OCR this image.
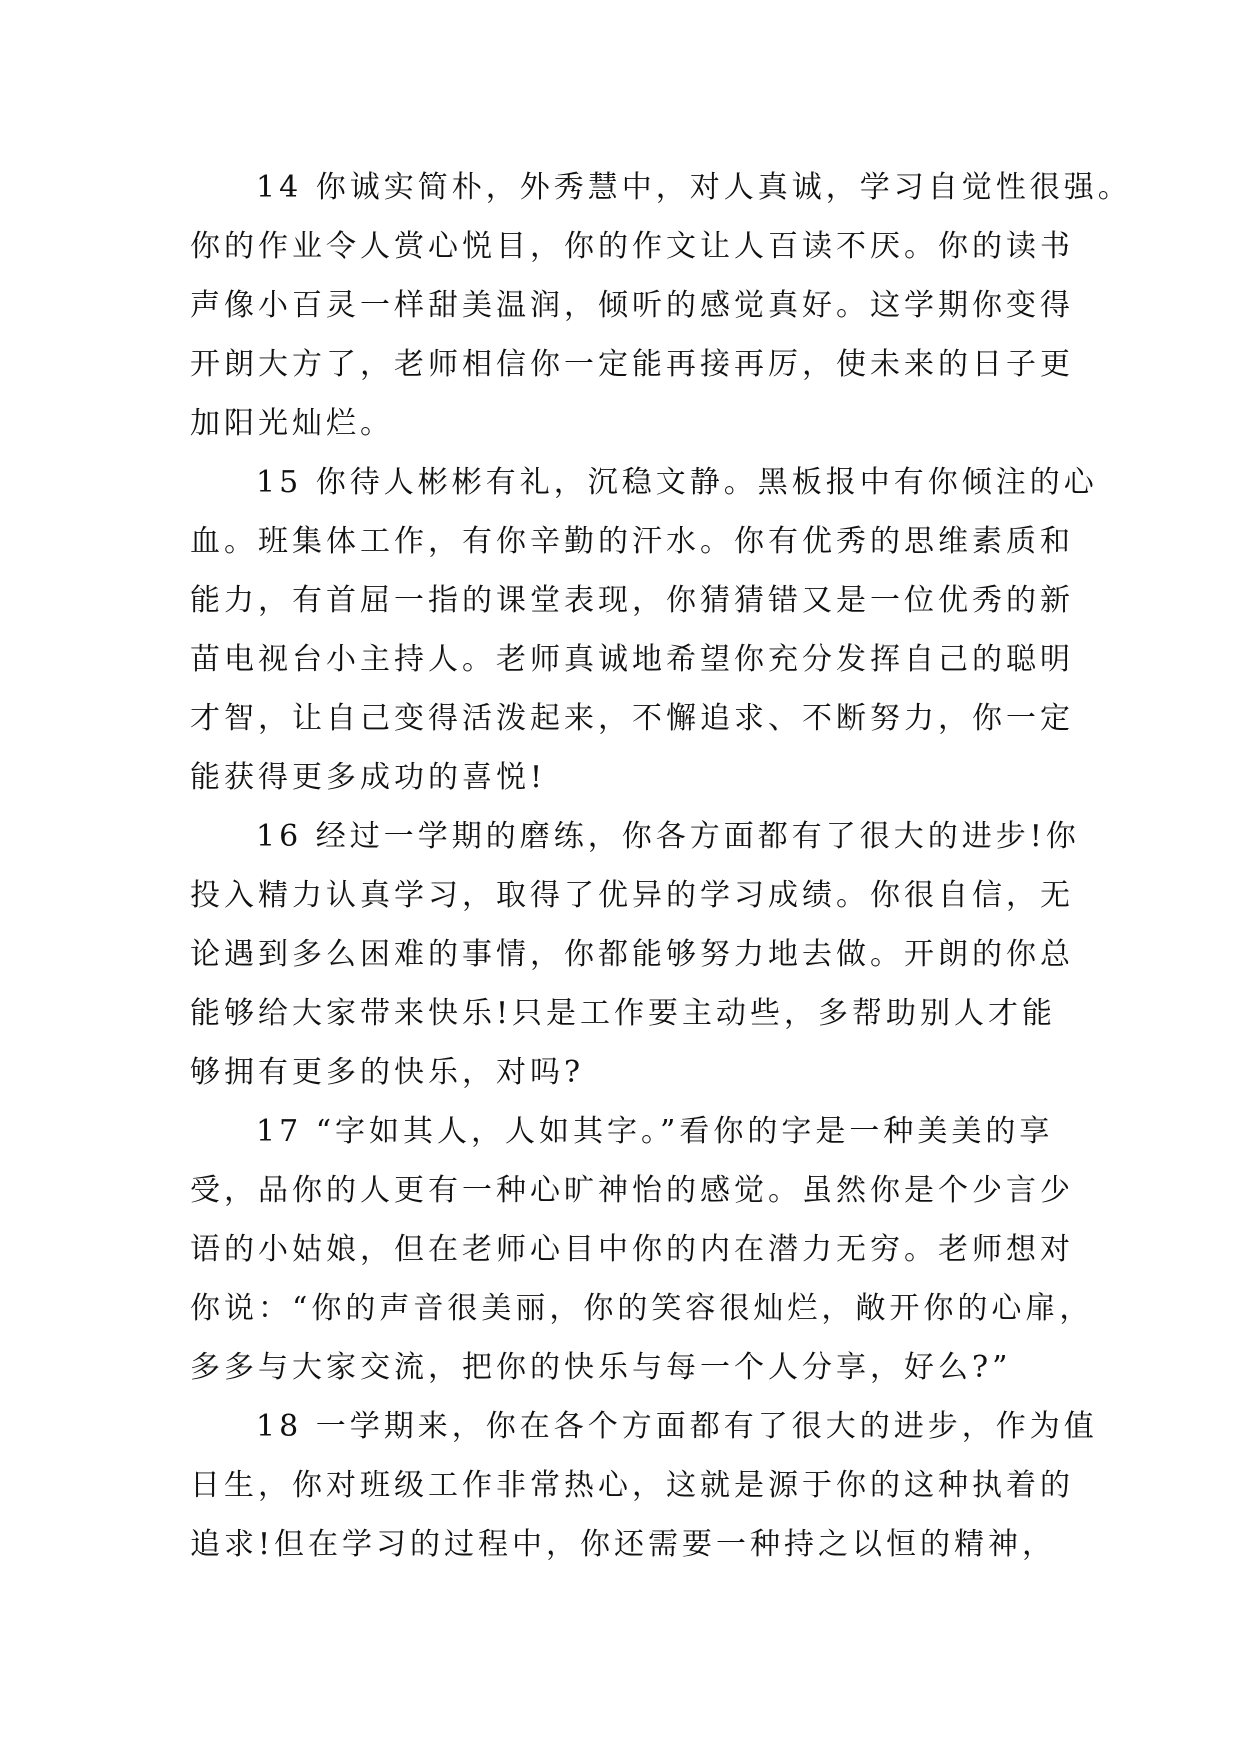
14 你诚实简朴，外秀慧中，对人真诚，学习自觉性很强。
你的作业令人赏心悦目，你的作文让人百读不厌。你的读书
声像小百灵一样甜美温润，倾听的感觉真好。这学期你变得
开朗大方了，老师相信你一定能再接再厉，使未来的日子更
加阳光灿烂。
15 你待人彬彬有礼，沉稳文静。黑板报中有你倾注的心
血。班集体工作，有你辛勤的汗水。你有优秀的思维素质和
能力，有首屈一指的课堂表现，你猜猜错又是一位优秀的新
苗电视台小主持人。老师真诚地希望你充分发挥自己的聪明
才智，让自己变得活泼起来，不懈追求、不断努力，你一定
能获得更多成功的喜悦!
16 经过一学期的磨练，你各方面都有了很大的进步!你
投入精力认真学习，取得了优异的学习成绩。你很自信，无
论遇到多么困难的事情，你都能够努力地去做。开朗的你总
能够给大家带来快乐!只是工作要主动些，多帮助别人才能
够拥有更多的快乐，对吗?
17 “字如其人，人如其字。”看你的字是一种美美的享
受，品你的人更有一种心旷神怡的感觉。虽然你是个少言少
语的小姑娘，但在老师心目中你的内在潜力无穷。老师想对
你说：“你的声音很美丽，你的笑容很灿烂，敞开你的心扉，
多多与大家交流，把你的快乐与每一个人分享，好么?”
18 一学期来，你在各个方面都有了很大的进步，作为值
日生，你对班级工作非常热心，这就是源于你的这种执着的
追求!但在学习的过程中，你还需要一种持之以恒的精神，
